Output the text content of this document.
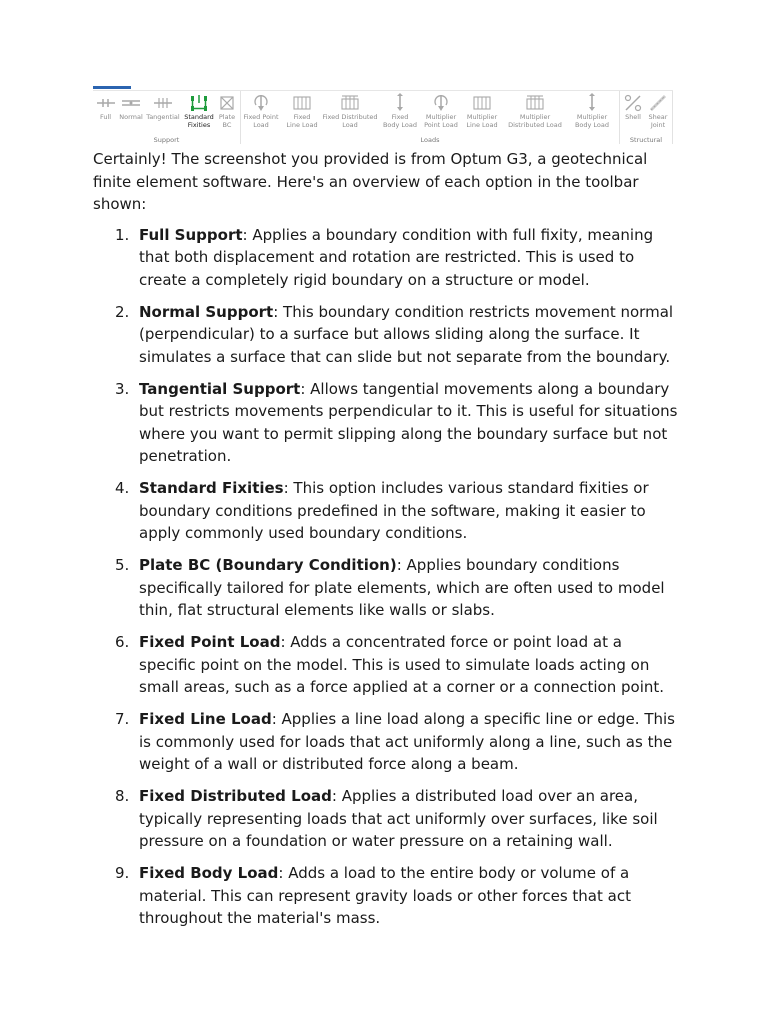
Full	Normal Tangential Standard
Fixities
Plate
BC
Support
Fixed Point
Load
Fixed
Line Load
Fixed Distributed
Load
Fixed
Body Load
Multiplier
Point Load
Multiplier
Line Load
Multiplier
Distributed Load
Multiplier
Body Load
Loads
Shell	Shear
Joint
Structural

Certainly! The screenshot you provided is from Optum G3, a geotechnical finite element software. Here's an overview of each option in the toolbar shown:

1. Full Support: Applies a boundary condition with full fixity, meaning that both displacement and rotation are restricted. This is used to create a completely rigid boundary on a structure or model.
2. Normal Support: This boundary condition restricts movement normal (perpendicular) to a surface but allows sliding along the surface. It simulates a surface that can slide but not separate from the boundary.
3. Tangential Support: Allows tangential movements along a boundary but restricts movements perpendicular to it. This is useful for situations where you want to permit slipping along the boundary surface but not penetration.
4. Standard Fixities: This option includes various standard fixities or boundary conditions predefined in the software, making it easier to apply commonly used boundary conditions.
5. Plate BC (Boundary Condition): Applies boundary conditions specifically tailored for plate elements, which are often used to model thin, flat structural elements like walls or slabs.
6. Fixed Point Load: Adds a concentrated force or point load at a specific point on the model. This is used to simulate loads acting on small areas, such as a force applied at a corner or a connection point.
7. Fixed Line Load: Applies a line load along a specific line or edge. This is commonly used for loads that act uniformly along a line, such as the weight of a wall or distributed force along a beam.
8. Fixed Distributed Load: Applies a distributed load over an area, typically representing loads that act uniformly over surfaces, like soil pressure on a foundation or water pressure on a retaining wall.
9. Fixed Body Load: Adds a load to the entire body or volume of a material. This can represent gravity loads or other forces that act throughout the material's mass.
